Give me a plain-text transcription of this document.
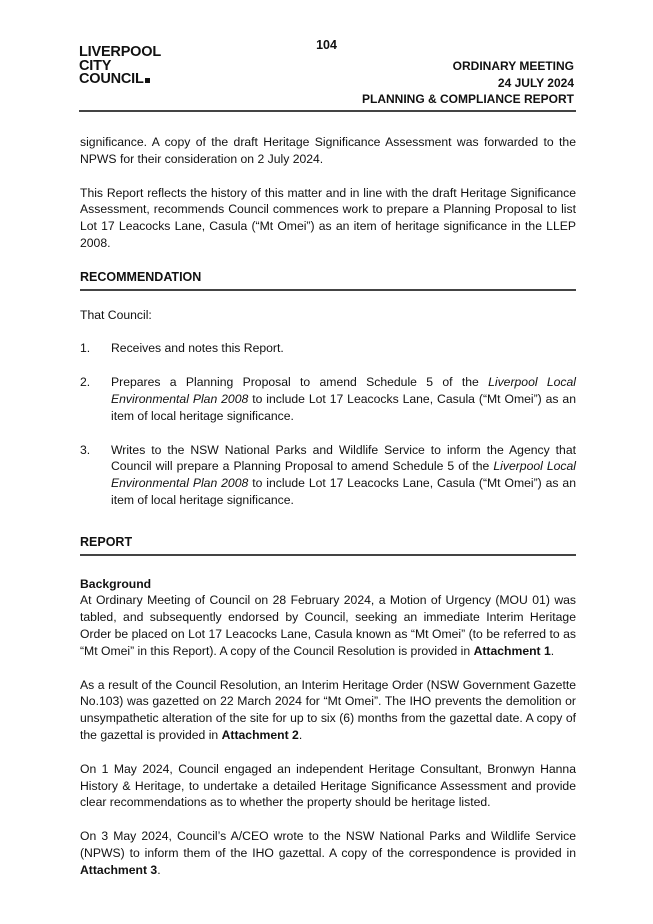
104
LIVERPOOL
CITY
COUNCIL
ORDINARY MEETING
24 JULY 2024
PLANNING & COMPLIANCE REPORT

significance. A copy of the draft Heritage Significance Assessment was forwarded to the NPWS for their consideration on 2 July 2024.

This Report reflects the history of this matter and in line with the draft Heritage Significance Assessment, recommends Council commences work to prepare a Planning Proposal to list Lot 17 Leacocks Lane, Casula (“Mt Omei”) as an item of heritage significance in the LLEP 2008.

RECOMMENDATION

That Council:

1.	Receives and notes this Report.
2.	Prepares a Planning Proposal to amend Schedule 5 of the Liverpool Local Environmental Plan 2008 to include Lot 17 Leacocks Lane, Casula (“Mt Omei”) as an item of local heritage significance.
3.	Writes to the NSW National Parks and Wildlife Service to inform the Agency that Council will prepare a Planning Proposal to amend Schedule 5 of the Liverpool Local Environmental Plan 2008 to include Lot 17 Leacocks Lane, Casula (“Mt Omei”) as an item of local heritage significance.
REPORT

Background

At Ordinary Meeting of Council on 28 February 2024, a Motion of Urgency (MOU 01) was tabled, and subsequently endorsed by Council, seeking an immediate Interim Heritage Order be placed on Lot 17 Leacocks Lane, Casula known as “Mt Omei” (to be referred to as “Mt Omei” in this Report). A copy of the Council Resolution is provided in Attachment 1.

As a result of the Council Resolution, an Interim Heritage Order (NSW Government Gazette No.103) was gazetted on 22 March 2024 for “Mt Omei”. The IHO prevents the demolition or unsympathetic alteration of the site for up to six (6) months from the gazettal date. A copy of the gazettal is provided in Attachment 2.

On 1 May 2024, Council engaged an independent Heritage Consultant, Bronwyn Hanna History & Heritage, to undertake a detailed Heritage Significance Assessment and provide clear recommendations as to whether the property should be heritage listed.

On 3 May 2024, Council’s A/CEO wrote to the NSW National Parks and Wildlife Service (NPWS) to inform them of the IHO gazettal. A copy of the correspondence is provided in Attachment 3.
